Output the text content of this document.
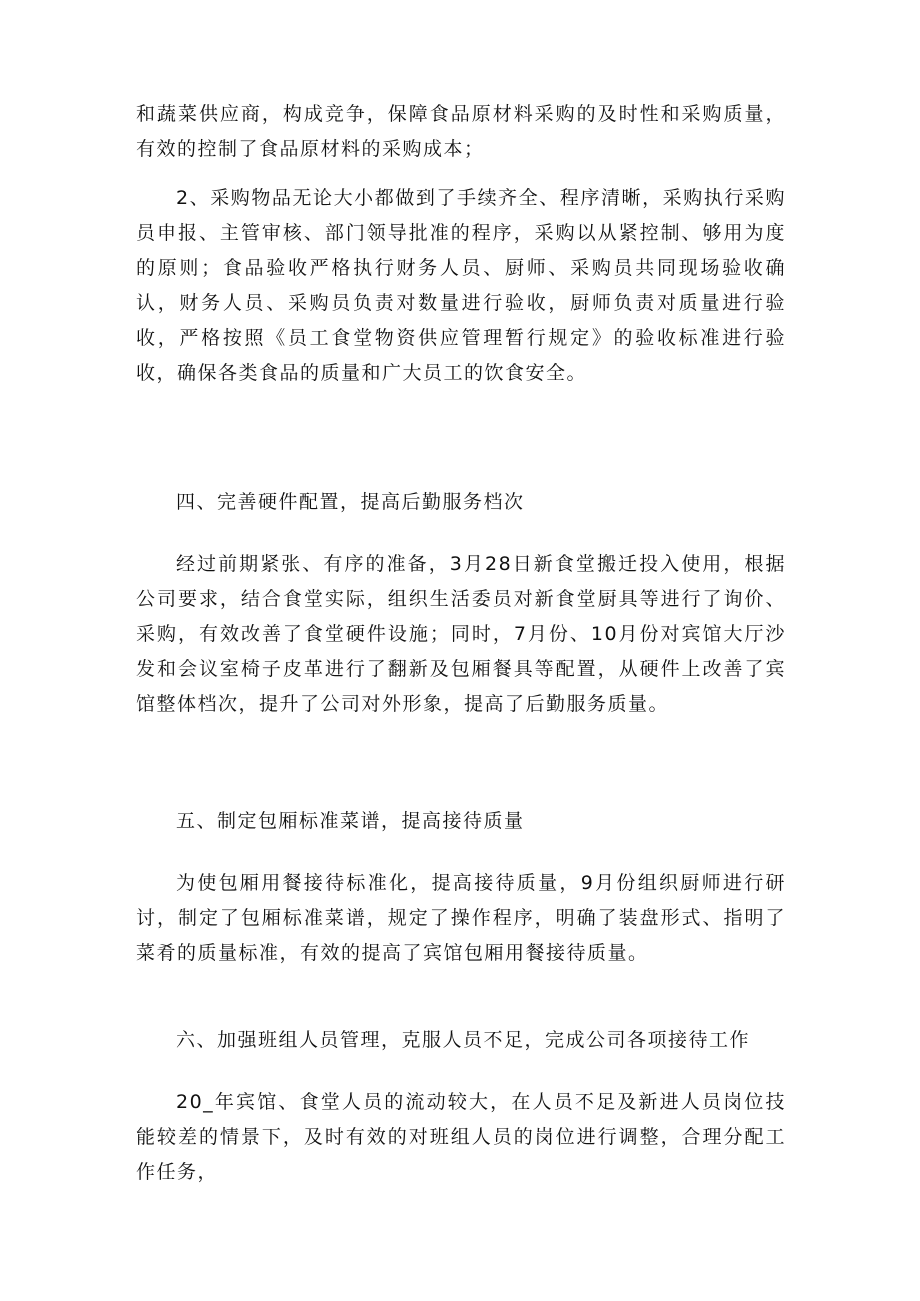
和蔬菜供应商，构成竞争，保障食品原材料采购的及时性和采购质量，有效的控制了食品原材料的采购成本；

2、采购物品无论大小都做到了手续齐全、程序清晰，采购执行采购员申报、主管审核、部门领导批准的程序，采购以从紧控制、够用为度的原则；食品验收严格执行财务人员、厨师、采购员共同现场验收确认，财务人员、采购员负责对数量进行验收，厨师负责对质量进行验收，严格按照《员工食堂物资供应管理暂行规定》的验收标准进行验收，确保各类食品的质量和广大员工的饮食安全。

四、完善硬件配置，提高后勤服务档次

经过前期紧张、有序的准备，3月28日新食堂搬迁投入使用，根据公司要求，结合食堂实际，组织生活委员对新食堂厨具等进行了询价、采购，有效改善了食堂硬件设施；同时，7月份、10月份对宾馆大厅沙发和会议室椅子皮革进行了翻新及包厢餐具等配置，从硬件上改善了宾馆整体档次，提升了公司对外形象，提高了后勤服务质量。

五、制定包厢标准菜谱，提高接待质量

为使包厢用餐接待标准化，提高接待质量，9月份组织厨师进行研讨，制定了包厢标准菜谱，规定了操作程序，明确了装盘形式、指明了菜肴的质量标准，有效的提高了宾馆包厢用餐接待质量。

六、加强班组人员管理，克服人员不足，完成公司各项接待工作

20_年宾馆、食堂人员的流动较大，在人员不足及新进人员岗位技能较差的情景下，及时有效的对班组人员的岗位进行调整，合理分配工作任务，
